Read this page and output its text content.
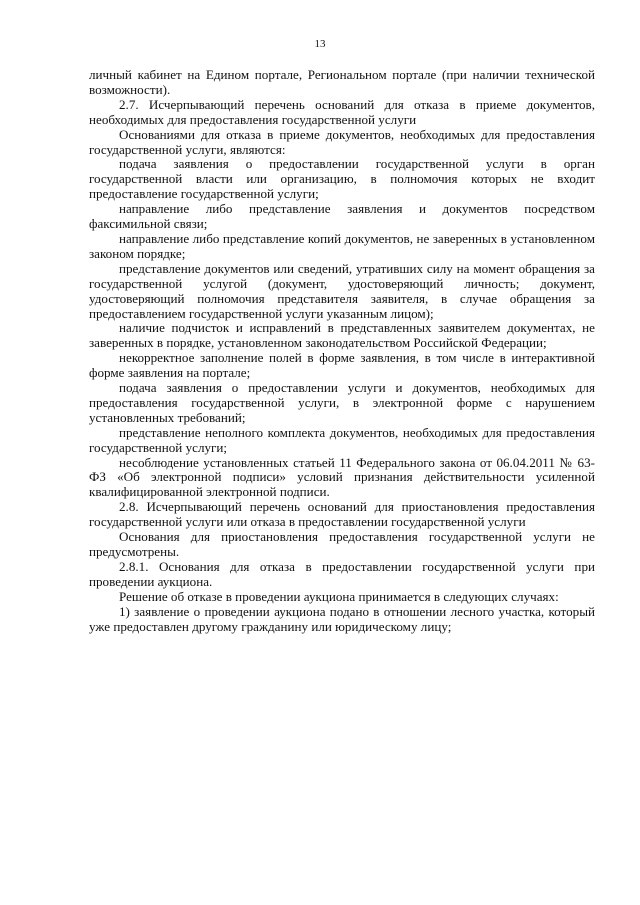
13

личный кабинет на Едином портале, Региональном портале (при наличии технической возможности).

2.7. Исчерпывающий перечень оснований для отказа в приеме документов, необходимых для предоставления государственной услуги

Основаниями для отказа в приеме документов, необходимых для предоставления государственной услуги, являются:

подача заявления о предоставлении государственной услуги в орган государственной власти или организацию, в полномочия которых не входит предоставление государственной услуги;

направление либо представление заявления и документов посредством факсимильной связи;

направление либо представление копий документов, не заверенных в установленном законом порядке;

представление документов или сведений, утративших силу на момент обращения за государственной услугой (документ, удостоверяющий личность; документ, удостоверяющий полномочия представителя заявителя, в случае обращения за предоставлением государственной услуги указанным лицом);

наличие подчисток и исправлений в представленных заявителем документах, не заверенных в порядке, установленном законодательством Российской Федерации;

некорректное заполнение полей в форме заявления, в том числе в интерактивной форме заявления на портале;

подача заявления о предоставлении услуги и документов, необходимых для предоставления государственной услуги, в электронной форме с нарушением установленных требований;

представление неполного комплекта документов, необходимых для предоставления государственной услуги;

несоблюдение установленных статьей 11 Федерального закона от 06.04.2011 № 63-ФЗ «Об электронной подписи» условий признания действительности усиленной квалифицированной электронной подписи.

2.8. Исчерпывающий перечень оснований для приостановления предоставления государственной услуги или отказа в предоставлении государственной услуги

Основания для приостановления предоставления государственной услуги не предусмотрены.

2.8.1. Основания для отказа в предоставлении государственной услуги при проведении аукциона.

Решение об отказе в проведении аукциона принимается в следующих случаях:

1) заявление о проведении аукциона подано в отношении лесного участка, который уже предоставлен другому гражданину или юридическому лицу;
